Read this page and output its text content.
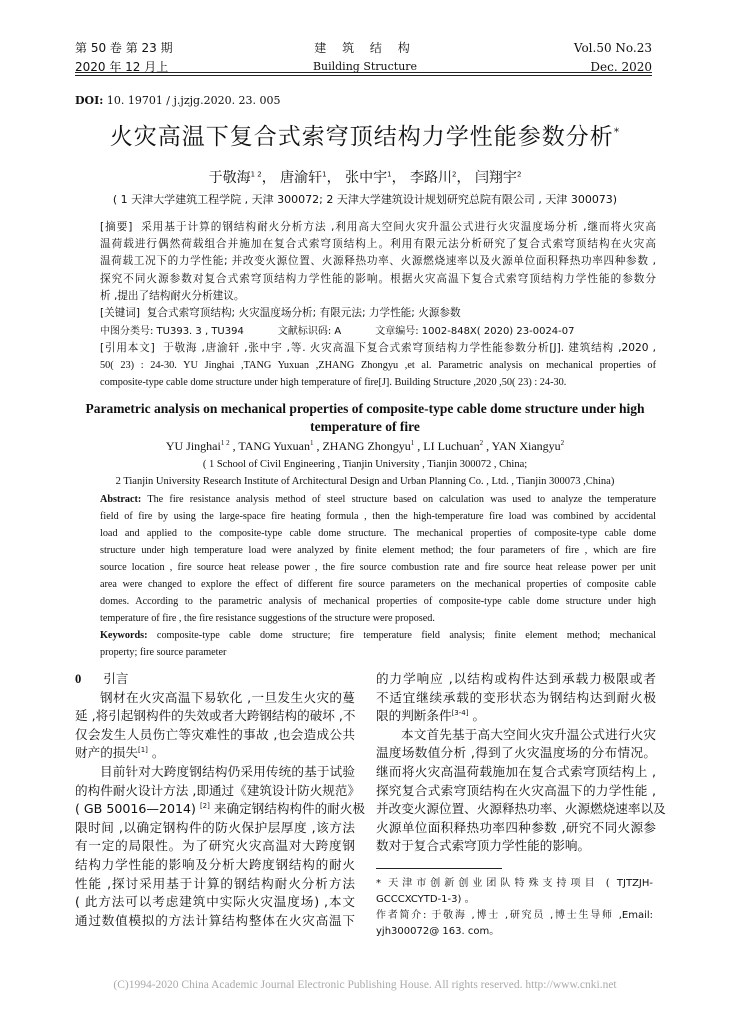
第 50 卷 第 23 期
2020 年 12 月上
建 筑 结 构
Building Structure
Vol.50 No.23
Dec. 2020
DOI: 10. 19701 / j.jzjg.2020. 23. 005
火灾高温下复合式索穹顶结构力学性能参数分析*
于敬海$^{1 2}$， 唐渝轩$^1$， 张中宇$^1$， 李路川$^2$， 闫翔宇$^2$
( 1 天津大学建筑工程学院 , 天津 300072; 2 天津大学建筑设计规划研究总院有限公司 , 天津 300073)
[摘要] 采用基于计算的钢结构耐火分析方法 ,利用高大空间火灾升温公式进行火灾温度场分析 ,继而将火灾高
温荷载进行偶然荷载组合并施加在复合式索穹顶结构上。利用有限元法分析研究了复合式索穹顶结构在火灾高
温荷载工况下的力学性能; 并改变火源位置、火源释热功率、火源燃烧速率以及火源单位面积释热功率四种参数 ,
探究不同火源参数对复合式索穹顶结构力学性能的影响。根据火灾高温下复合式索穹顶结构力学性能的参数分
析 ,提出了结构耐火分析建议。
[关键词] 复合式索穹顶结构; 火灾温度场分析; 有限元法; 力学性能; 火源参数
中图分类号: TU393. 3 , TU394	文献标识码: A	文章编号: 1002-848X( 2020) 23-0024-07
[引用本文] 于敬海 ,唐渝轩 ,张中宇 ,等. 火灾高温下复合式索穹顶结构力学性能参数分析[J]. 建筑结构 ,2020 ,
50( 23) : 24-30. YU Jinghai ,TANG Yuxuan ,ZHANG Zhongyu ,et al. Parametric analysis on mechanical properties of
composite-type cable dome structure under high temperature of fire[J]. Building Structure ,2020 ,50( 23) : 24-30.
Parametric analysis on mechanical properties of composite-type cable dome structure under high
temperature of fire
YU Jinghai$^{1 2}$ , TANG Yuxuan$^1$ , ZHANG Zhongyu$^1$ , LI Luchuan$^2$ , YAN Xiangyu$^2$
( 1 School of Civil Engineering , Tianjin University , Tianjin 300072 , China;
2 Tianjin University Research Institute of Architectural Design and Urban Planning Co. , Ltd. , Tianjin 300073 ,China)
Abstract: The fire resistance analysis method of steel structure based on calculation was used to analyze the temperature
field of fire by using the large-space fire heating formula , then the high-temperature fire load was combined by accidental
load and applied to the composite-type cable dome structure. The mechanical properties of composite-type cable dome
structure under high temperature load were analyzed by finite element method; the four parameters of fire , which are fire
source location , fire source heat release power , the fire source combustion rate and fire source heat release power per unit
area were changed to explore the effect of different fire source parameters on the mechanical properties of composite cable
domes. According to the parametric analysis of mechanical properties of composite-type cable dome structure under high
temperature of fire , the fire resistance suggestions of the structure were proposed.
Keywords: composite-type cable dome structure; fire temperature field analysis; finite element method; mechanical
property; fire source parameter
0 引言
钢材在火灾高温下易软化 ,一旦发生火灾的蔓
延 ,将引起钢构件的失效或者大跨钢结构的破坏 ,不
仅会发生人员伤亡等灾难性的事故 ,也会造成公共
财产的损失[1] 。
目前针对大跨度钢结构仍采用传统的基于试验
的构件耐火设计方法 ,即通过《建筑设计防火规范》
( GB 50016—2014) [2] 来确定钢结构构件的耐火极
限时间 ,以确定钢构件的防火保护层厚度 ,该方法
有一定的局限性。为了研究火灾高温对大跨度钢
结构力学性能的影响及分析大跨度钢结构的耐火
性能 ,探讨采用基于计算的钢结构耐火分析方法
( 此方法可以考虑建筑中实际火灾温度场) ,本文
通过数值模拟的方法计算结构整体在火灾高温下
的力学响应 ,以结构或构件达到承载力极限或者
不适宜继续承载的变形状态为钢结构达到耐火极
限的判断条件[3-4] 。
本文首先基于高大空间火灾升温公式进行火灾
温度场数值分析 ,得到了火灾温度场的分布情况。
继而将火灾高温荷载施加在复合式索穹顶结构上 ,
探究复合式索穹顶结构在火灾高温下的力学性能 ,
并改变火源位置、火源释热功率、火源燃烧速率以及
火源单位面积释热功率四种参数 ,研究不同火源参
数对于复合式索穹顶力学性能的影响。
* 天津市创新创业团队特殊支持项目 ( TJTZJH-
GCCCXCYTD-1-3) 。
作者简介: 于敬海 ,博士 ,研究员 ,博士生导师 ,Email:
yjh300072@ 163. com。
(C)1994-2020 China Academic Journal Electronic Publishing House. All rights reserved. http://www.cnki.net
